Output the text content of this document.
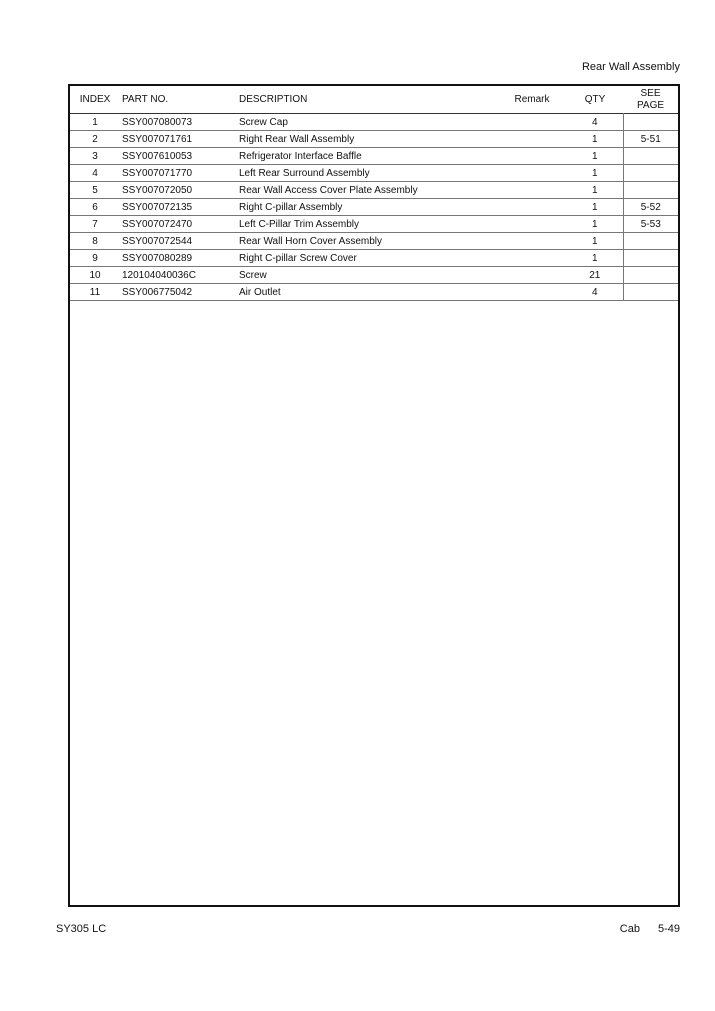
Rear Wall Assembly
INDEX	PART NO.	DESCRIPTION	Remark	QTY	SEE
PAGE
1	SSY007080073	Screw Cap		4	
2	SSY007071761	Right Rear Wall Assembly		1	5-51
3	SSY007610053	Refrigerator Interface Baffle		1	
4	SSY007071770	Left Rear Surround Assembly		1	
5	SSY007072050	Rear Wall Access Cover Plate Assembly		1	
6	SSY007072135	Right C-pillar Assembly		1	5-52
7	SSY007072470	Left C-Pillar Trim Assembly		1	5-53
8	SSY007072544	Rear Wall Horn Cover Assembly		1	
9	SSY007080289	Right C-pillar Screw Cover		1	
10	120104040036C	Screw		21	
11	SSY006775042	Air Outlet		4	
SY305 LC	Cab 5-49
